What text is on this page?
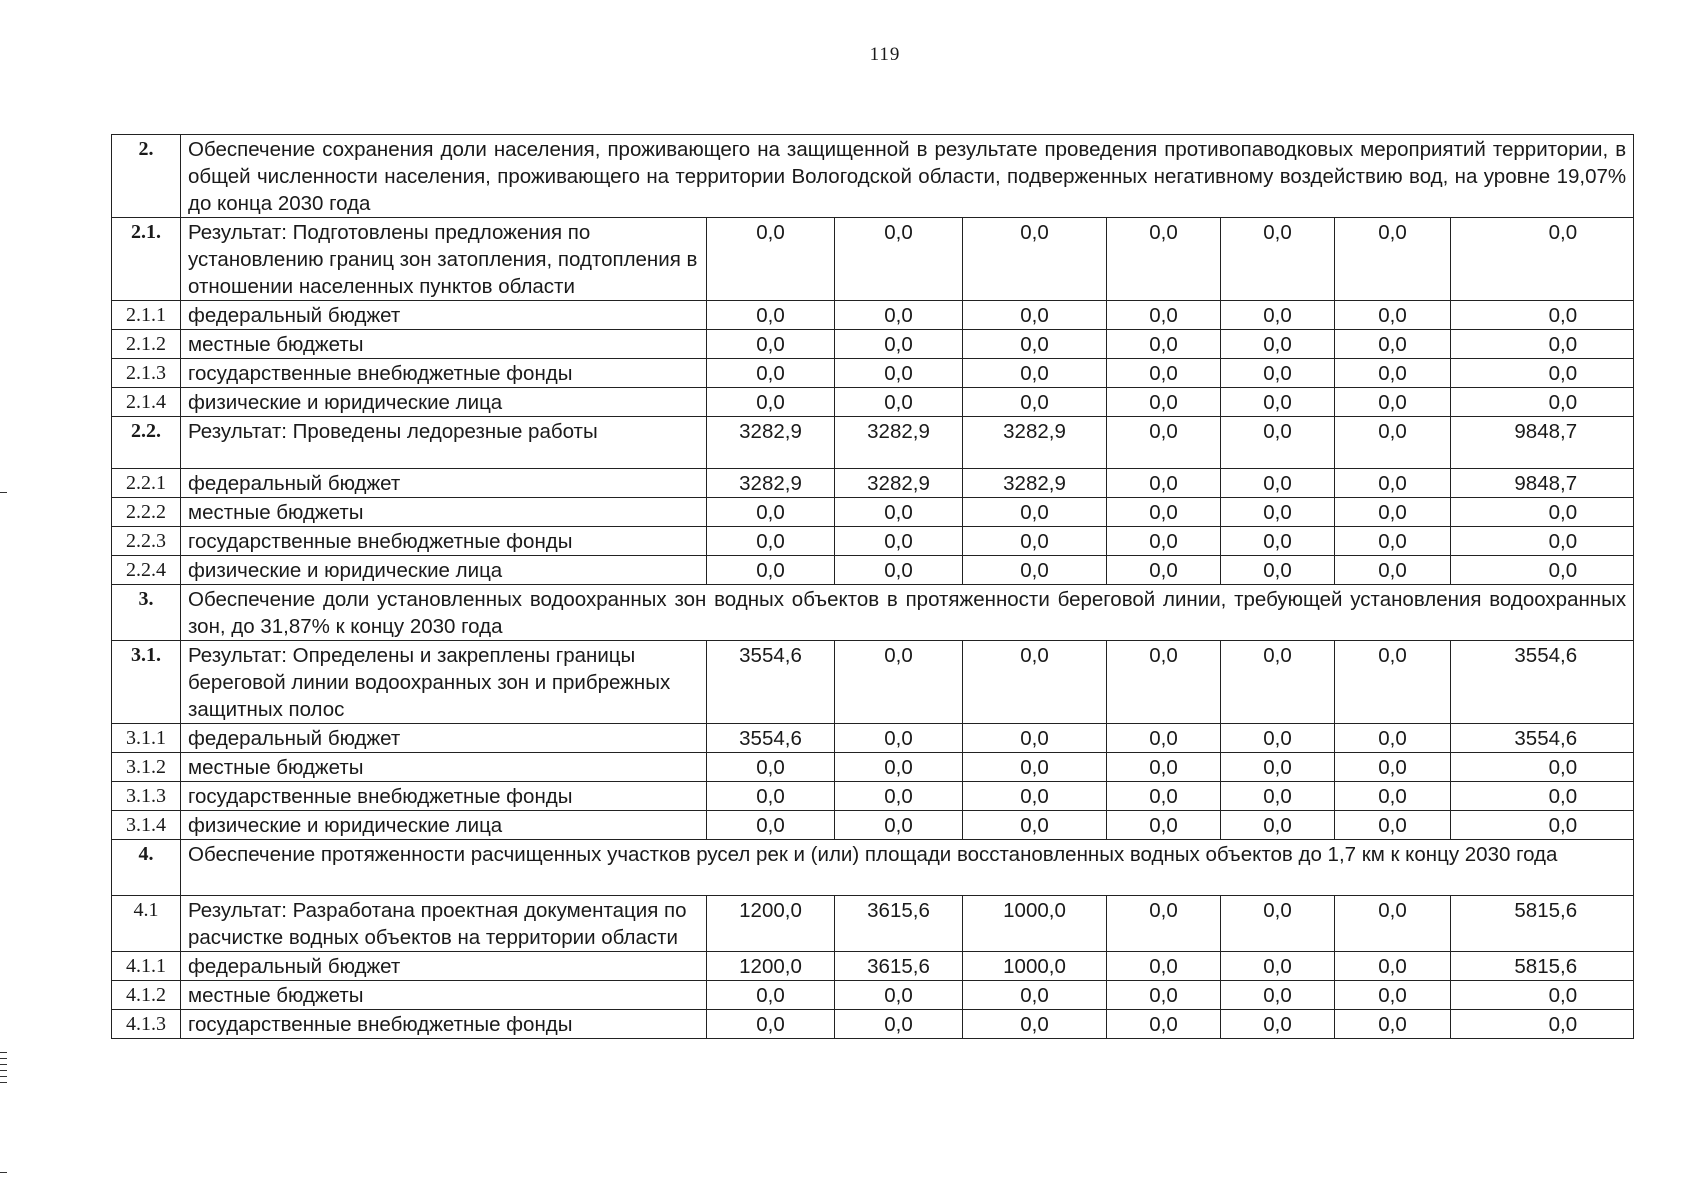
119
2.	Обеспечение сохранения доли населения, проживающего на защищенной в результате проведения противопаводковых мероприятий территории, в общей численности населения, проживающего на территории Вологодской области, подверженных негативному воздействию вод, на уровне 19,07% до конца 2030 года							
2.1.	Результат: Подготовлены предложения по установлению границ зон затопления, подтопления в отношении населенных пунктов области	0,0	0,0	0,0	0,0	0,0	0,0	0,0
2.1.1	федеральный бюджет	0,0	0,0	0,0	0,0	0,0	0,0	0,0
2.1.2	местные бюджеты	0,0	0,0	0,0	0,0	0,0	0,0	0,0
2.1.3	государственные внебюджетные фонды	0,0	0,0	0,0	0,0	0,0	0,0	0,0
2.1.4	физические и юридические лица	0,0	0,0	0,0	0,0	0,0	0,0	0,0
2.2.	Результат: Проведены ледорезные работы	3282,9	3282,9	3282,9	0,0	0,0	0,0	9848,7
2.2.1	федеральный бюджет	3282,9	3282,9	3282,9	0,0	0,0	0,0	9848,7
2.2.2	местные бюджеты	0,0	0,0	0,0	0,0	0,0	0,0	0,0
2.2.3	государственные внебюджетные фонды	0,0	0,0	0,0	0,0	0,0	0,0	0,0
2.2.4	физические и юридические лица	0,0	0,0	0,0	0,0	0,0	0,0	0,0
3.	Обеспечение доли установленных водоохранных зон водных объектов в протяженности береговой линии, требующей установления водоохранных зон, до 31,87% к концу 2030 года							
3.1.	Результат: Определены и закреплены границы береговой линии водоохранных зон и прибрежных защитных полос	3554,6	0,0	0,0	0,0	0,0	0,0	3554,6
3.1.1	федеральный бюджет	3554,6	0,0	0,0	0,0	0,0	0,0	3554,6
3.1.2	местные бюджеты	0,0	0,0	0,0	0,0	0,0	0,0	0,0
3.1.3	государственные внебюджетные фонды	0,0	0,0	0,0	0,0	0,0	0,0	0,0
3.1.4	физические и юридические лица	0,0	0,0	0,0	0,0	0,0	0,0	0,0
4.	Обеспечение протяженности расчищенных участков русел рек и (или) площади восстановленных водных объектов до 1,7 км к концу 2030 года							
4.1	Результат: Разработана проектная документация по расчистке водных объектов на территории области	1200,0	3615,6	1000,0	0,0	0,0	0,0	5815,6
4.1.1	федеральный бюджет	1200,0	3615,6	1000,0	0,0	0,0	0,0	5815,6
4.1.2	местные бюджеты	0,0	0,0	0,0	0,0	0,0	0,0	0,0
4.1.3	государственные внебюджетные фонды	0,0	0,0	0,0	0,0	0,0	0,0	0,0
